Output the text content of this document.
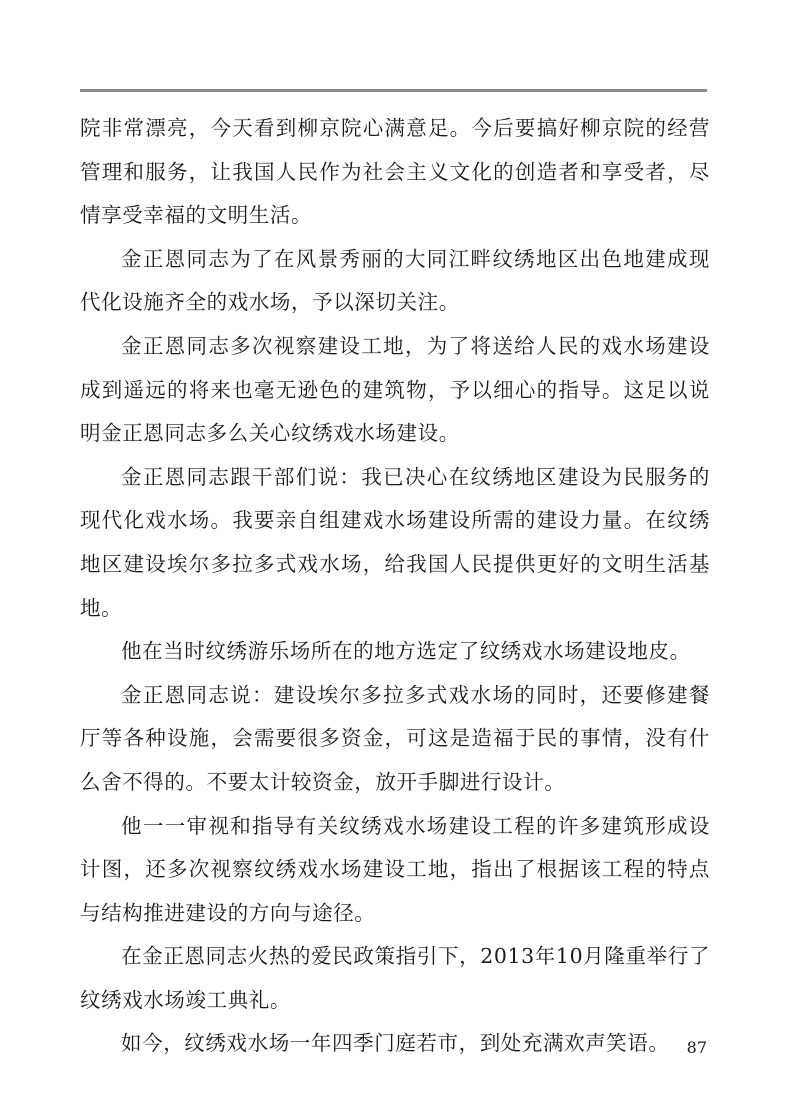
院非常漂亮，今天看到柳京院心满意足。今后要搞好柳京院的经营管理和服务，让我国人民作为社会主义文化的创造者和享受者，尽情享受幸福的文明生活。

金正恩同志为了在风景秀丽的大同江畔纹绣地区出色地建成现代化设施齐全的戏水场，予以深切关注。

金正恩同志多次视察建设工地，为了将送给人民的戏水场建设成到遥远的将来也毫无逊色的建筑物，予以细心的指导。这足以说明金正恩同志多么关心纹绣戏水场建设。

金正恩同志跟干部们说：我已决心在纹绣地区建设为民服务的现代化戏水场。我要亲自组建戏水场建设所需的建设力量。在纹绣地区建设埃尔多拉多式戏水场，给我国人民提供更好的文明生活基地。

他在当时纹绣游乐场所在的地方选定了纹绣戏水场建设地皮。

金正恩同志说：建设埃尔多拉多式戏水场的同时，还要修建餐厅等各种设施，会需要很多资金，可这是造福于民的事情，没有什么舍不得的。不要太计较资金，放开手脚进行设计。

他一一审视和指导有关纹绣戏水场建设工程的许多建筑形成设计图，还多次视察纹绣戏水场建设工地，指出了根据该工程的特点与结构推进建设的方向与途径。

在金正恩同志火热的爱民政策指引下，2013年10月隆重举行了纹绣戏水场竣工典礼。

如今，纹绣戏水场一年四季门庭若市，到处充满欢声笑语。	87
